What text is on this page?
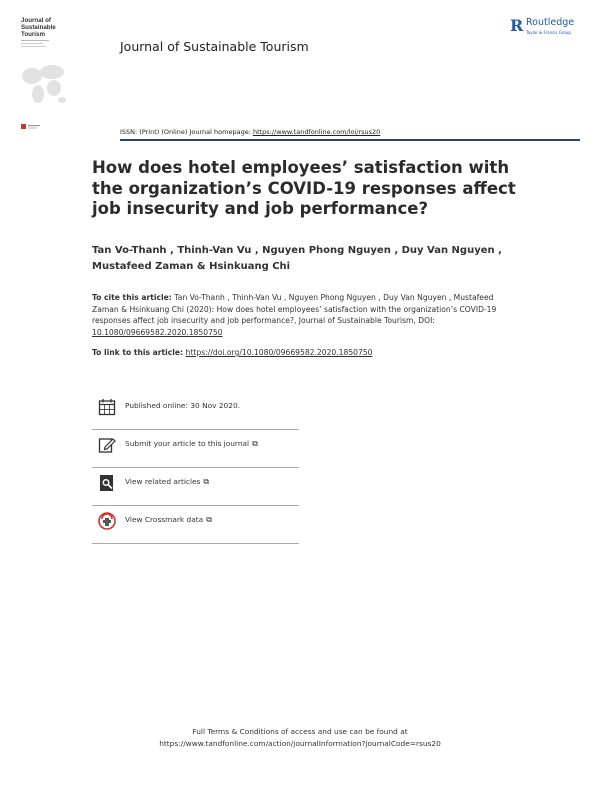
Journal of
Sustainable
Tourism
Journal of Sustainable Tourism
R Routledge
Taylor & Francis Group
ISSN: (Print) (Online) Journal homepage: https://www.tandfonline.com/loi/rsus20
How does hotel employees’ satisfaction with the organization’s COVID-19 responses affect job insecurity and job performance?
Tan Vo-Thanh , Thinh-Van Vu , Nguyen Phong Nguyen , Duy Van Nguyen , Mustafeed Zaman & Hsinkuang Chi
To cite this article: Tan Vo-Thanh , Thinh-Van Vu , Nguyen Phong Nguyen , Duy Van Nguyen , Mustafeed Zaman & Hsinkuang Chi (2020): How does hotel employees’ satisfaction with the organization’s COVID-19 responses affect job insecurity and job performance?, Journal of Sustainable Tourism, DOI: 10.1080/09669582.2020.1850750
To link to this article: https://doi.org/10.1080/09669582.2020.1850750
Published online: 30 Nov 2020.
Submit your article to this journal ⧉
View related articles ⧉
View Crossmark data ⧉
Full Terms & Conditions of access and use can be found at
https://www.tandfonline.com/action/journalInformation?journalCode=rsus20
